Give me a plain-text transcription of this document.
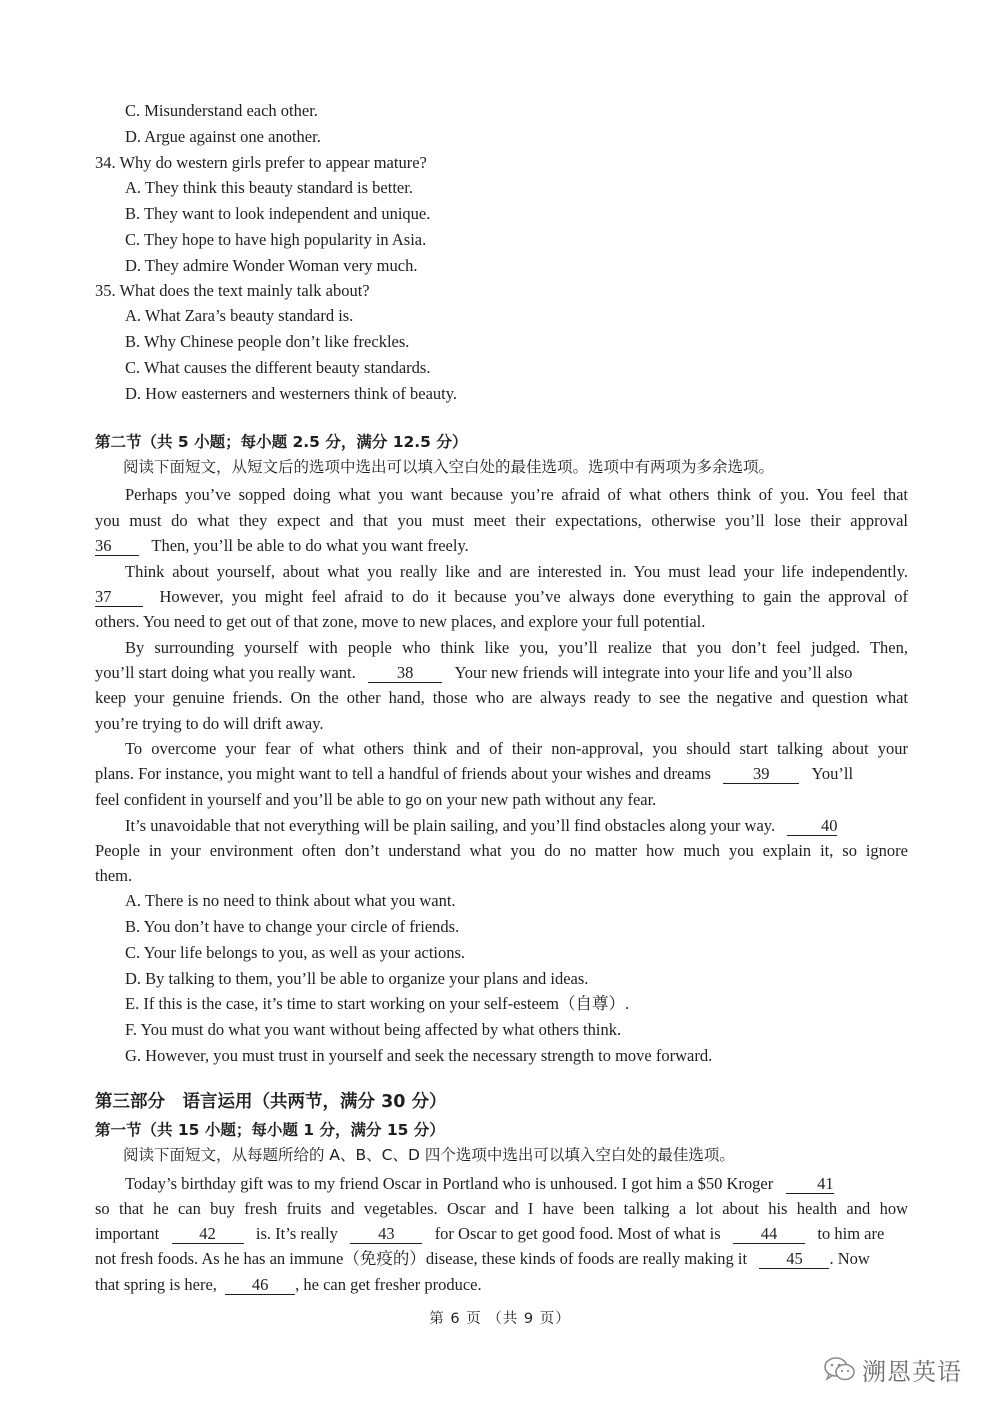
C. Misunderstand each other.
D. Argue against one another.
34. Why do western girls prefer to appear mature?
A. They think this beauty standard is better.
B. They want to look independent and unique.
C. They hope to have high popularity in Asia.
D. They admire Wonder Woman very much.
35. What does the text mainly talk about?
A. What Zara’s beauty standard is.
B. Why Chinese people don’t like freckles.
C. What causes the different beauty standards.
D. How easterners and westerners think of beauty.
第二节（共 5 小题；每小题 2.5 分，满分 12.5 分）
阅读下面短文，从短文后的选项中选出可以填入空白处的最佳选项。选项中有两项为多余选项。
Perhaps you’ve sopped doing what you want because you’re afraid of what others think of you. You feel that
you must do what they expect and that you must meet their expectations, otherwise you’ll lose their approval
36 Then, you’ll be able to do what you want freely.
Think about yourself, about what you really like and are interested in. You must lead your life independently.
37	However, you might feel afraid to do it because you’ve always done everything to gain the approval of
others. You need to get out of that zone, move to new places, and explore your full potential.
By surrounding yourself with people who think like you, you’ll realize that you don’t feel judged. Then,
you’ll start doing what you really want. 38 Your new friends will integrate into your life and you’ll also
keep your genuine friends. On the other hand, those who are always ready to see the negative and question what
you’re trying to do will drift away.
To overcome your fear of what others think and of their non-approval, you should start talking about your
plans. For instance, you might want to tell a handful of friends about your wishes and dreams	39	You’ll
feel confident in yourself and you’ll be able to go on your new path without any fear.
It’s unavoidable that not everything will be plain sailing, and you’ll find obstacles along your way.	40
People in your environment often don’t understand what you do no matter how much you explain it, so ignore
them.
A. There is no need to think about what you want.
B. You don’t have to change your circle of friends.
C. Your life belongs to you, as well as your actions.
D. By talking to them, you’ll be able to organize your plans and ideas.
E. If this is the case, it’s time to start working on your self-esteem（自尊）.
F. You must do what you want without being affected by what others think.
G. However, you must trust in yourself and seek the necessary strength to move forward.
第三部分　语言运用（共两节，满分 30 分）
第一节（共 15 小题；每小题 1 分，满分 15 分）
阅读下面短文，从每题所给的 A、B、C、D 四个选项中选出可以填入空白处的最佳选项。
Today’s birthday gift was to my friend Oscar in Portland who is unhoused. I got him a $50 Kroger	41
so that he can buy fresh fruits and vegetables. Oscar and I have been talking a lot about his health and how
important 42 is. It’s really 43 for Oscar to get good food. Most of what is 44 to him are
not fresh foods. As he has an immune（免疫的）disease, these kinds of foods are really making it 45 . Now
that spring is here, 46 , he can get fresher produce.
第 6 页 （共 9 页）
溯恩英语
